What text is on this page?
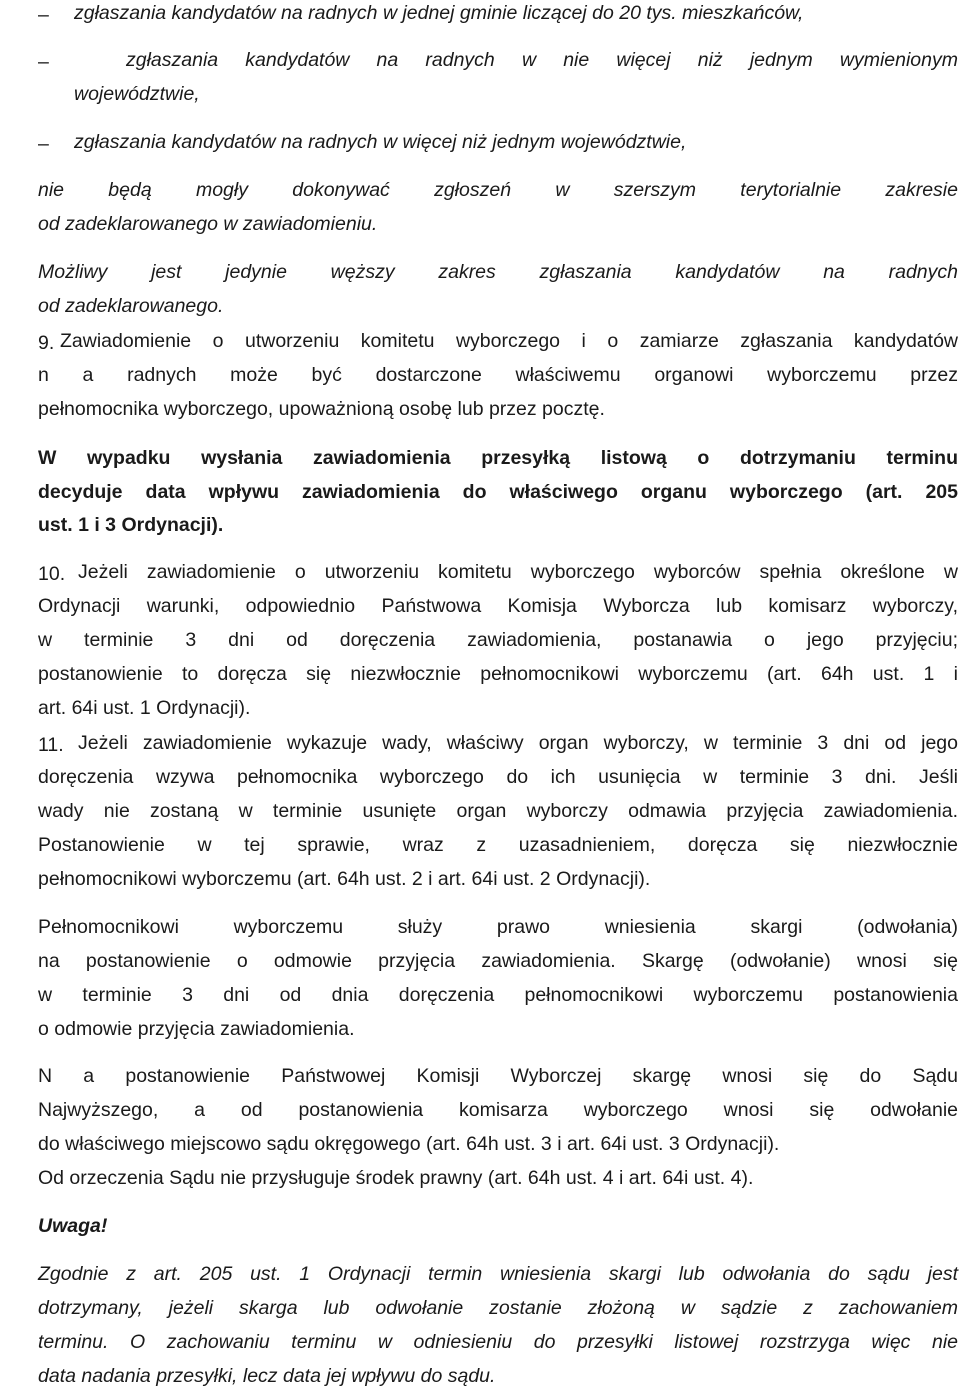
– zgłaszania kandydatów na radnych w jednej gminie liczącej do 20 tys. mieszkańców,
–	zgłaszania kandydatów na radnych w nie więcej niż jednym wymienionym
województwie,
– zgłaszania kandydatów na radnych w więcej niż jednym województwie,
nie będą mogły dokonywać zgłoszeń w szerszym terytorialnie zakresie
od zadeklarowanego w zawiadomieniu.
Możliwy jest jedynie węższy zakres zgłaszania kandydatów na radnych
od zadeklarowanego.
9. Zawiadomienie o utworzeniu komitetu wyborczego i o zamiarze zgłaszania kandydatów
n a radnych może być dostarczone właściwemu organowi wyborczemu przez
pełnomocnika wyborczego, upoważnioną osobę lub przez pocztę.
W wypadku wysłania zawiadomienia przesyłką listową o dotrzymaniu terminu
decyduje data wpływu zawiadomienia do właściwego organu wyborczego (art. 205
ust. 1 i 3 Ordynacji).
10. Jeżeli zawiadomienie o utworzeniu komitetu wyborczego wyborców spełnia określone w
Ordynacji warunki, odpowiednio Państwowa Komisja Wyborcza lub komisarz wyborczy,
w terminie 3 dni od doręczenia zawiadomienia, postanawia o jego przyjęciu;
postanowienie to doręcza się niezwłocznie pełnomocnikowi wyborczemu (art. 64h ust. 1 i
art. 64i ust. 1 Ordynacji).
11. Jeżeli zawiadomienie wykazuje wady, właściwy organ wyborczy, w terminie 3 dni od jego
doręczenia wzywa pełnomocnika wyborczego do ich usunięcia w terminie 3 dni. Jeśli
wady nie zostaną w terminie usunięte organ wyborczy odmawia przyjęcia zawiadomienia.
Postanowienie w tej sprawie, wraz z uzasadnieniem, doręcza się niezwłocznie
pełnomocnikowi wyborczemu (art. 64h ust. 2 i art. 64i ust. 2 Ordynacji).
Pełnomocnikowi wyborczemu służy prawo wniesienia skargi (odwołania)
na postanowienie o odmowie przyjęcia zawiadomienia. Skargę (odwołanie) wnosi się
w terminie 3 dni od dnia doręczenia pełnomocnikowi wyborczemu postanowienia
o odmowie przyjęcia zawiadomienia.
N a postanowienie Państwowej Komisji Wyborczej skargę wnosi się do Sądu
Najwyższego, a od postanowienia komisarza wyborczego wnosi się odwołanie
do właściwego miejscowo sądu okręgowego (art. 64h ust. 3 i art. 64i ust. 3 Ordynacji).
Od orzeczenia Sądu nie przysługuje środek prawny (art. 64h ust. 4 i art. 64i ust. 4).
Uwaga!
Zgodnie z art. 205 ust. 1 Ordynacji termin wniesienia skargi lub odwołania do sądu jest
dotrzymany, jeżeli skarga lub odwołanie zostanie złożoną w sądzie z zachowaniem
terminu. O zachowaniu terminu w odniesieniu do przesyłki listowej rozstrzyga więc nie
data nadania przesyłki, lecz data jej wpływu do sądu.
